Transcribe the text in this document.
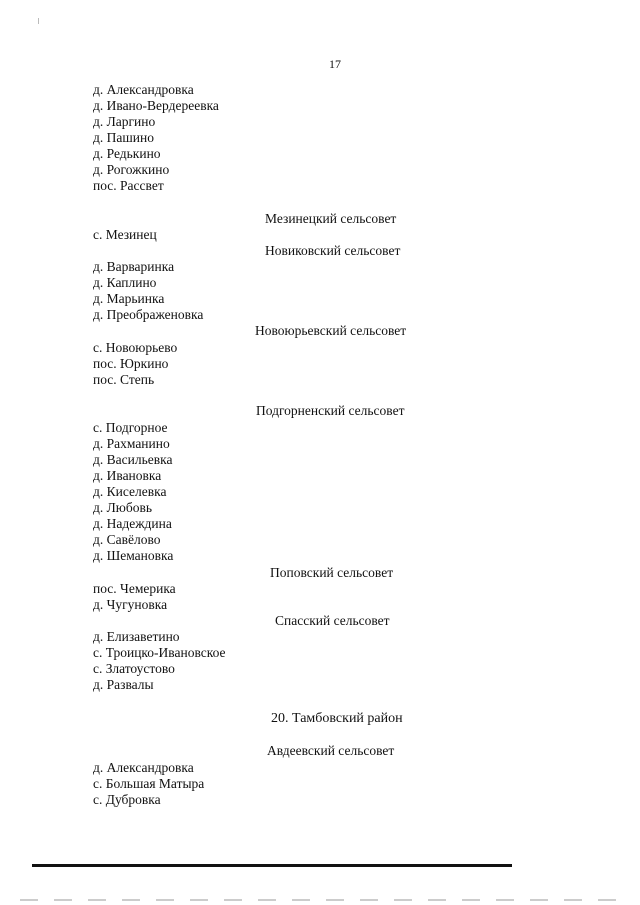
17
д. Александровка
д. Ивано-Вердереевка
д. Ларгино
д. Пашино
д. Редькино
д. Рогожкино
пос. Рассвет
с. Мезинец
д. Варваринка
д. Каплино
д. Марьинка
д. Преображеновка
с. Новоюрьево
пос. Юркино
пос. Степь
с. Подгорное
д. Рахманино
д. Васильевка
д. Ивановка
д. Киселевка
д. Любовь
д. Надеждина
д. Савёлово
д. Шемановка
пос. Чемерика
д. Чугуновка
д. Елизаветино
с. Троицко-Ивановское
с. Златоустово
д. Развалы
д. Александровка
с. Большая Матыра
с. Дубровка
Мезинецкий сельсовет
Новиковский сельсовет
Новоюрьевский сельсовет
Подгорненский сельсовет
Поповский сельсовет
Спасский сельсовет
Авдеевский сельсовет
20. Тамбовский район
